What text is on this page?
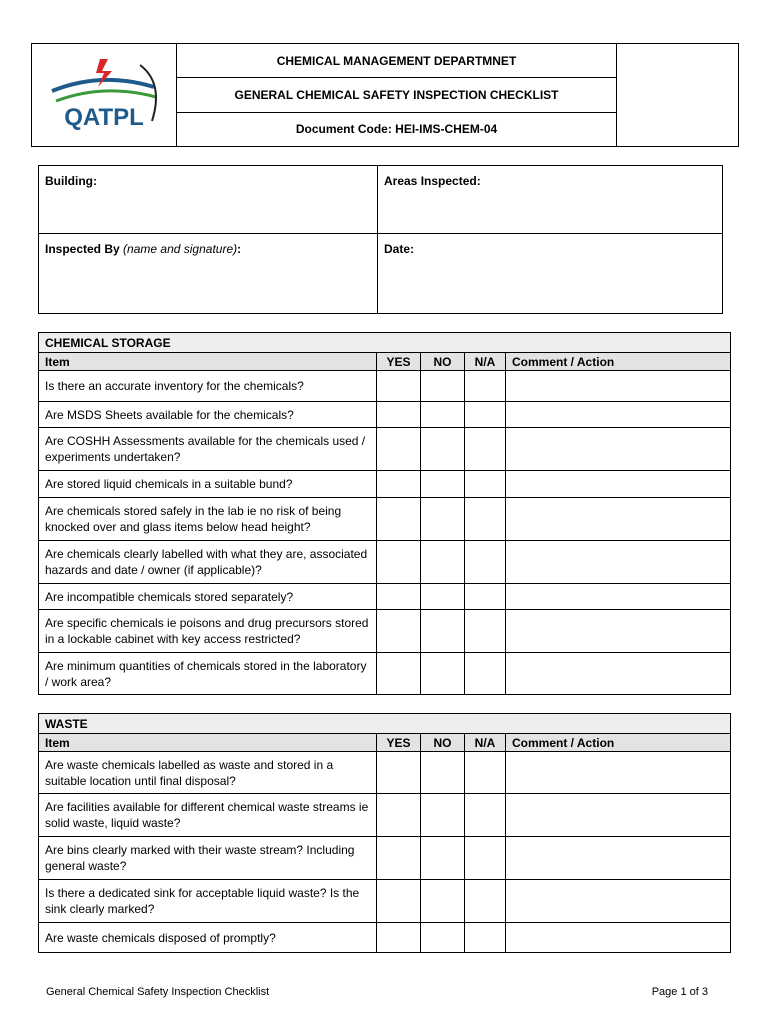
QATPL
	CHEMICAL MANAGEMENT DEPARTMNET	
GENERAL CHEMICAL SAFETY INSPECTION CHECKLIST
Document Code: HEI-IMS-CHEM-04
Building:	Areas Inspected:
Inspected By (name and signature):	Date:
CHEMICAL STORAGE				
Item	YES	NO	N/A	Comment / Action
Is there an accurate inventory for the chemicals?				
Are MSDS Sheets available for the chemicals?				
Are COSHH Assessments available for the chemicals used / experiments undertaken?				
Are stored liquid chemicals in a suitable bund?				
Are chemicals stored safely in the lab ie no risk of being knocked over and glass items below head height?				
Are chemicals clearly labelled with what they are, associated hazards and date / owner (if applicable)?				
Are incompatible chemicals stored separately?				
Are specific chemicals ie poisons and drug precursors stored in a lockable cabinet with key access restricted?				
Are minimum quantities of chemicals stored in the laboratory / work area?				
WASTE				
Item	YES	NO	N/A	Comment / Action
Are waste chemicals labelled as waste and stored in a suitable location until final disposal?				
Are facilities available for different chemical waste streams ie solid waste, liquid waste?				
Are bins clearly marked with their waste stream? Including general waste?				
Is there a dedicated sink for acceptable liquid waste? Is the sink clearly marked?				
Are waste chemicals disposed of promptly?				
General Chemical Safety Inspection Checklist	Page 1 of 3
